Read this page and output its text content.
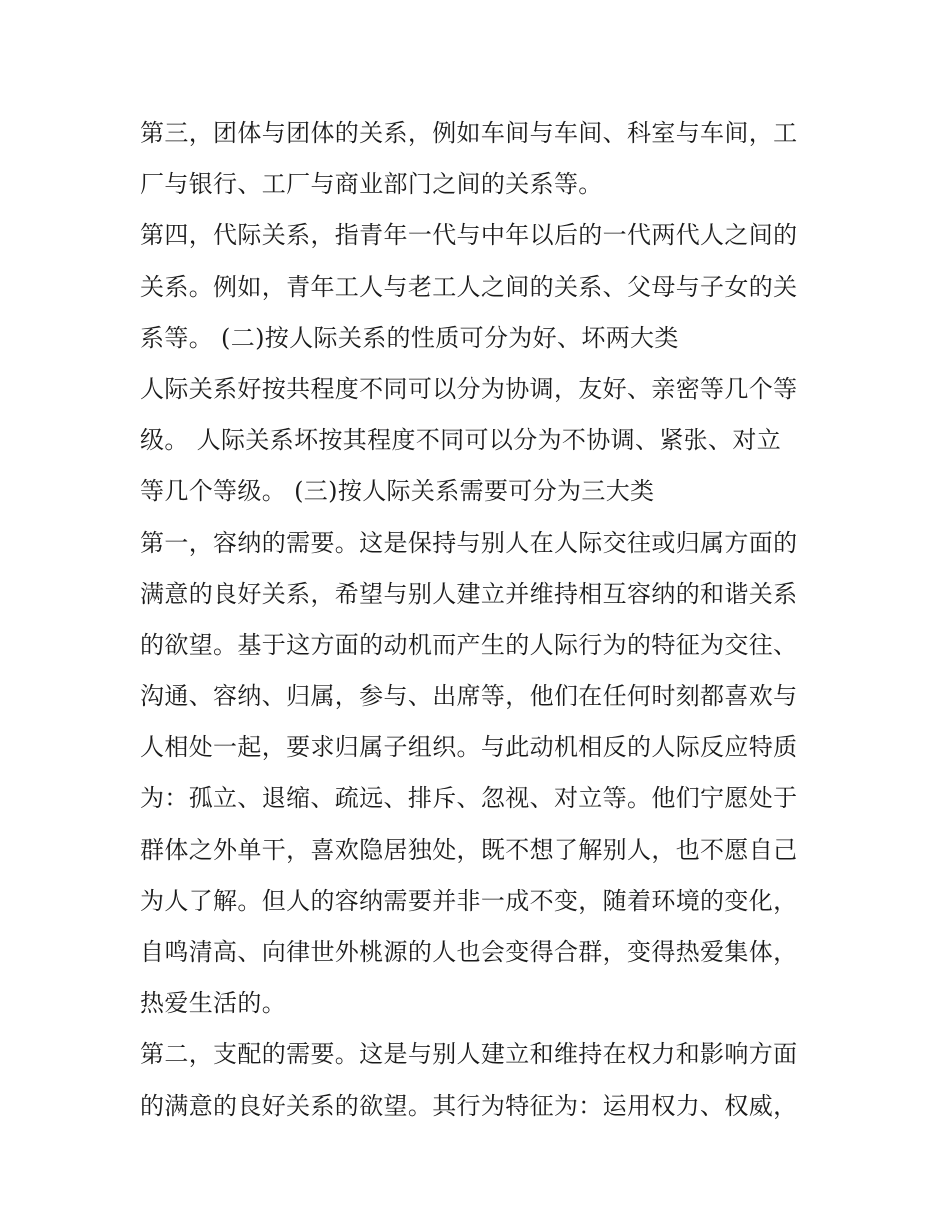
第三，团体与团体的关系，例如车间与车间、科室与车间，工
厂与银行、工厂与商业部门之间的关系等。
第四，代际关系，指青年一代与中年以后的一代两代人之间的
关系。例如，青年工人与老工人之间的关系、父母与子女的关
系等。 (二)按人际关系的性质可分为好、坏两大类
人际关系好按共程度不同可以分为协调，友好、亲密等几个等
级。 人际关系坏按其程度不同可以分为不协调、紧张、对立
等几个等级。 (三)按人际关系需要可分为三大类
第一，容纳的需要。这是保持与别人在人际交往或归属方面的
满意的良好关系，希望与别人建立并维持相互容纳的和谐关系
的欲望。基于这方面的动机而产生的人际行为的特征为交往、
沟通、容纳、归属，参与、出席等，他们在任何时刻都喜欢与
人相处一起，要求归属子组织。与此动机相反的人际反应特质
为：孤立、退缩、疏远、排斥、忽视、对立等。他们宁愿处于
群体之外单干，喜欢隐居独处，既不想了解别人，也不愿自己
为人了解。但人的容纳需要并非一成不变，随着环境的变化，
自鸣清高、向律世外桃源的人也会变得合群，变得热爱集体，
热爱生活的。
第二，支配的需要。这是与别人建立和维持在权力和影响方面
的满意的良好关系的欲望。其行为特征为：运用权力、权威，
